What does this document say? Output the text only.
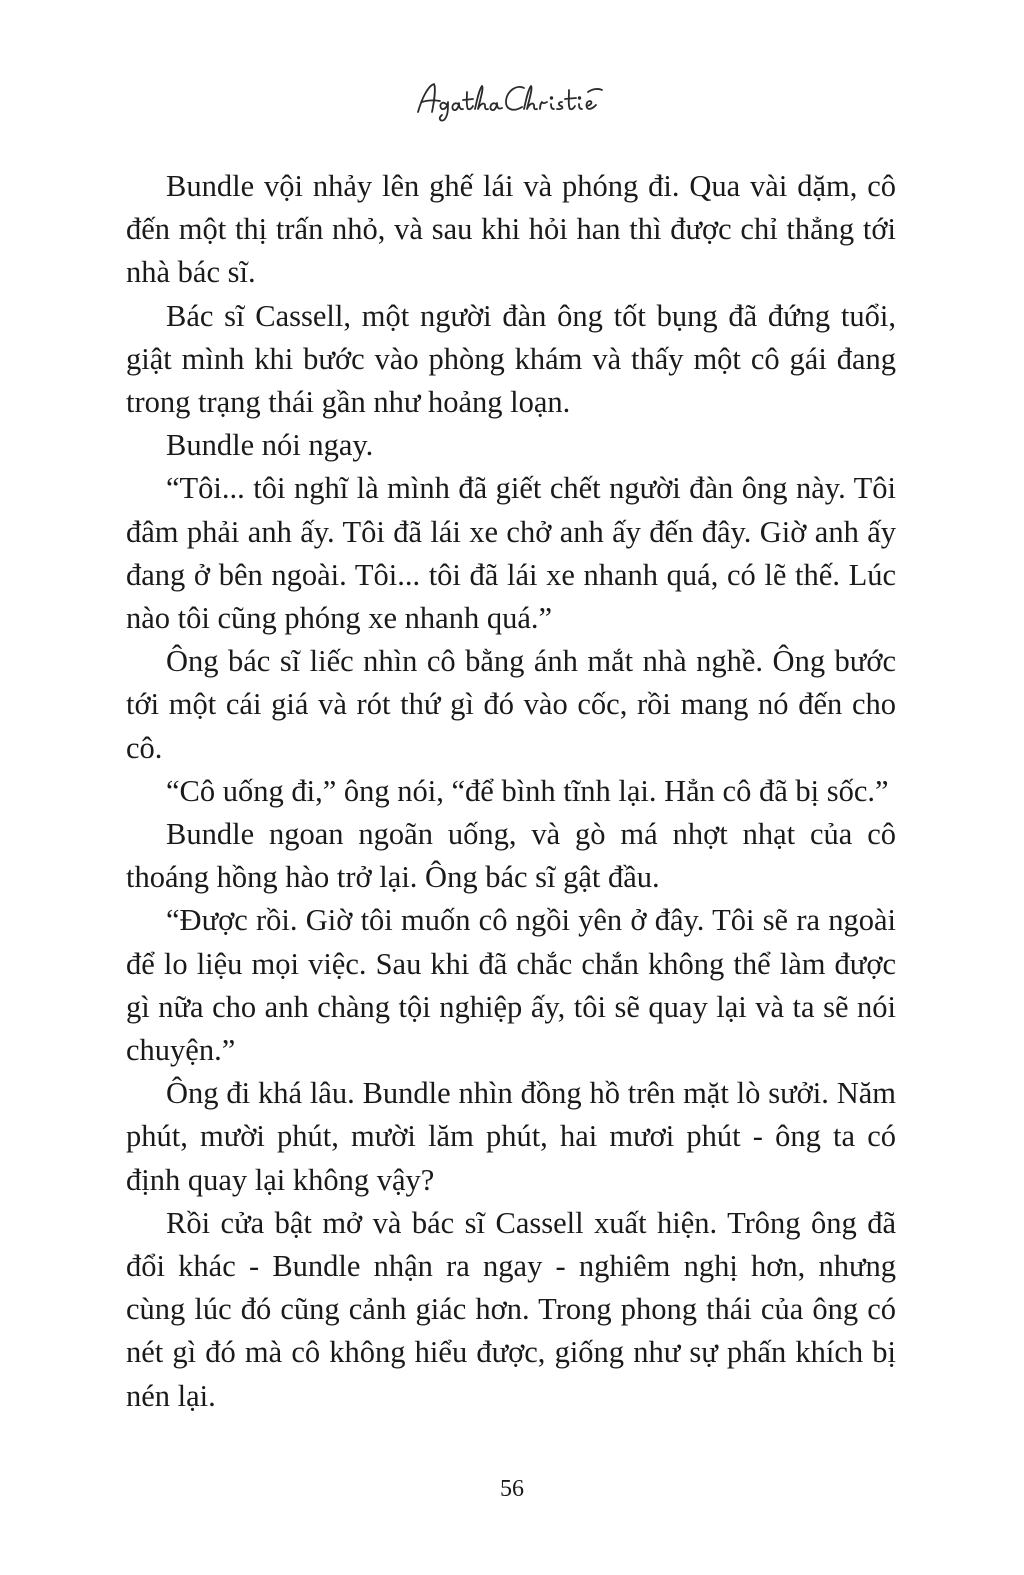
Bundle vội nhảy lên ghế lái và phóng đi. Qua vài dặm, cô đến một thị trấn nhỏ, và sau khi hỏi han thì được chỉ thẳng tới nhà bác sĩ.

Bác sĩ Cassell, một người đàn ông tốt bụng đã đứng tuổi, giật mình khi bước vào phòng khám và thấy một cô gái đang trong trạng thái gần như hoảng loạn.

Bundle nói ngay.

“Tôi... tôi nghĩ là mình đã giết chết người đàn ông này. Tôi đâm phải anh ấy. Tôi đã lái xe chở anh ấy đến đây. Giờ anh ấy đang ở bên ngoài. Tôi... tôi đã lái xe nhanh quá, có lẽ thế. Lúc nào tôi cũng phóng xe nhanh quá.”

Ông bác sĩ liếc nhìn cô bằng ánh mắt nhà nghề. Ông bước tới một cái giá và rót thứ gì đó vào cốc, rồi mang nó đến cho cô.

“Cô uống đi,” ông nói, “để bình tĩnh lại. Hẳn cô đã bị sốc.”

Bundle ngoan ngoãn uống, và gò má nhợt nhạt của cô thoáng hồng hào trở lại. Ông bác sĩ gật đầu.

“Được rồi. Giờ tôi muốn cô ngồi yên ở đây. Tôi sẽ ra ngoài để lo liệu mọi việc. Sau khi đã chắc chắn không thể làm được gì nữa cho anh chàng tội nghiệp ấy, tôi sẽ quay lại và ta sẽ nói chuyện.”

Ông đi khá lâu. Bundle nhìn đồng hồ trên mặt lò sưởi. Năm phút, mười phút, mười lăm phút, hai mươi phút - ông ta có định quay lại không vậy?

Rồi cửa bật mở và bác sĩ Cassell xuất hiện. Trông ông đã đổi khác - Bundle nhận ra ngay - nghiêm nghị hơn, nhưng cùng lúc đó cũng cảnh giác hơn. Trong phong thái của ông có nét gì đó mà cô không hiểu được, giống như sự phấn khích bị nén lại.

56
